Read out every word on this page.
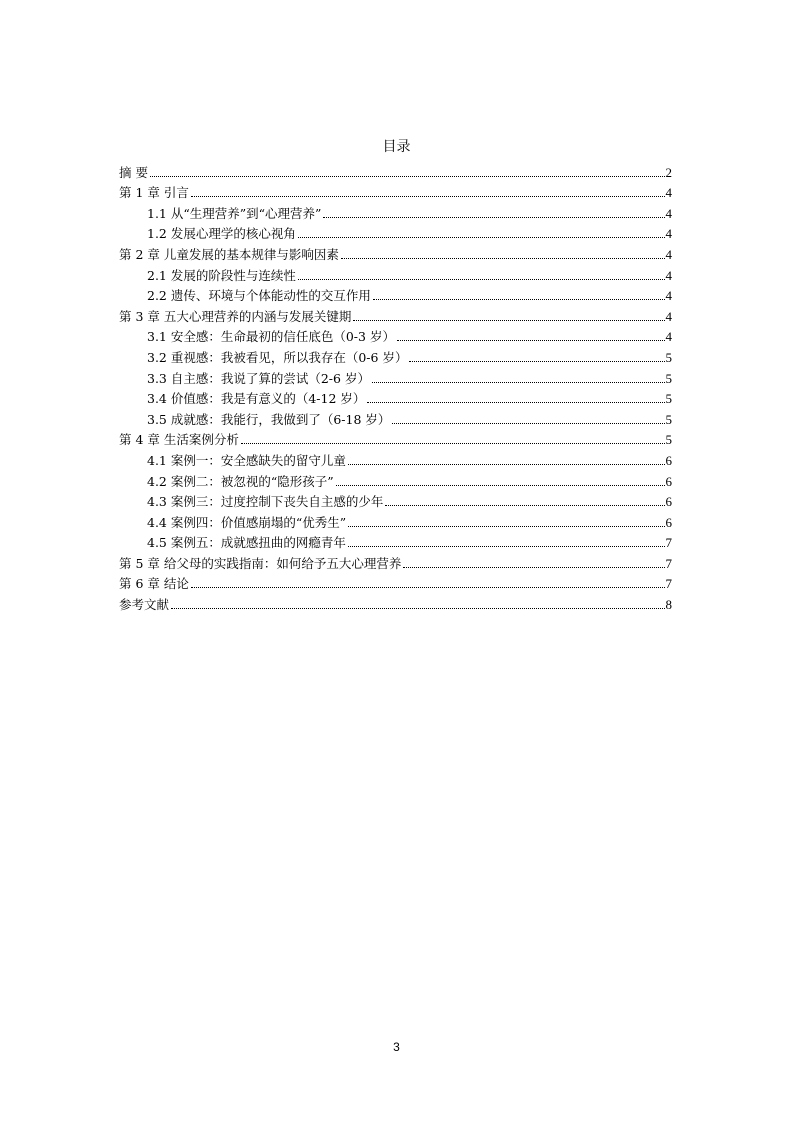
目录
摘 要	2
第 1 章 引言	4
1.1 从“生理营养”到“心理营养”	4
1.2 发展心理学的核心视角	4
第 2 章 儿童发展的基本规律与影响因素	4
2.1 发展的阶段性与连续性	4
2.2 遗传、环境与个体能动性的交互作用	4
第 3 章 五大心理营养的内涵与发展关键期	4
3.1 安全感：生命最初的信任底色（0-3 岁）	4
3.2 重视感：我被看见，所以我存在（0-6 岁）	5
3.3 自主感：我说了算的尝试（2-6 岁）	5
3.4 价值感：我是有意义的（4-12 岁）	5
3.5 成就感：我能行，我做到了（6-18 岁）	5
第 4 章 生活案例分析	5
4.1 案例一：安全感缺失的留守儿童	6
4.2 案例二：被忽视的“隐形孩子”	6
4.3 案例三：过度控制下丧失自主感的少年	6
4.4 案例四：价值感崩塌的“优秀生”	6
4.5 案例五：成就感扭曲的网瘾青年	7
第 5 章 给父母的实践指南：如何给予五大心理营养	7
第 6 章 结论	7
参考文献	8
3
